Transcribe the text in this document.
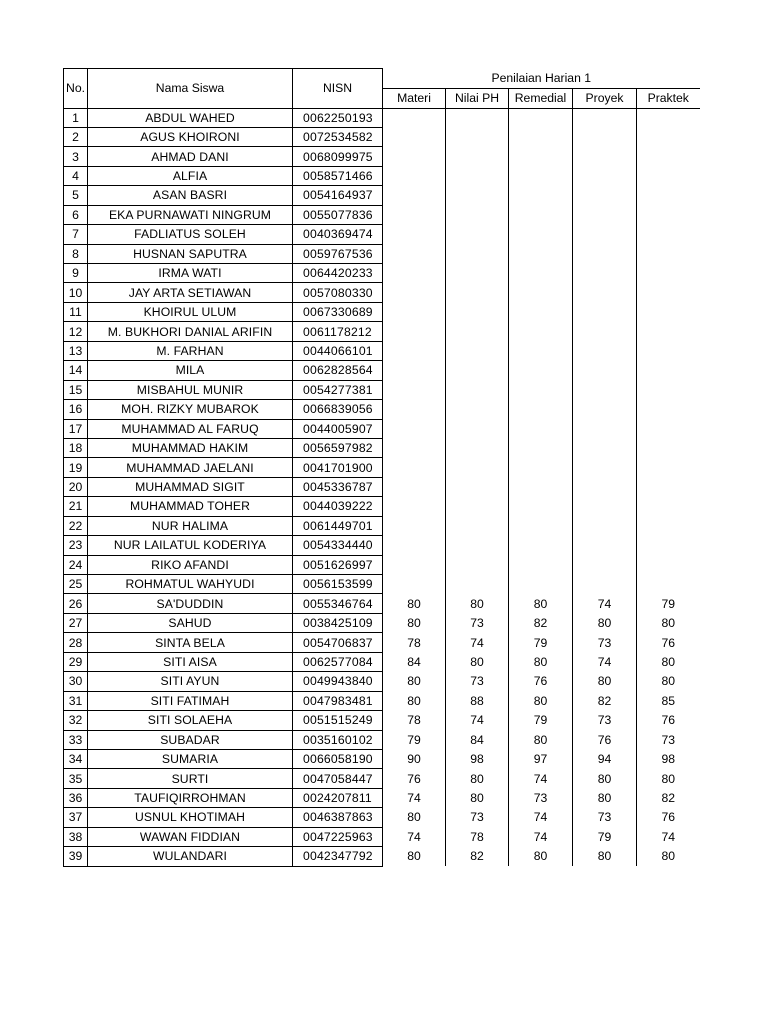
No.	Nama Siswa	NISN	Penilaian Harian 1				
			Materi	Nilai PH	Remedial	Proyek	Praktek
1	ABDUL WAHED	0062250193					
2	AGUS KHOIRONI	0072534582					
3	AHMAD DANI	0068099975					
4	ALFIA	0058571466					
5	ASAN BASRI	0054164937					
6	EKA PURNAWATI NINGRUM	0055077836					
7	FADLIATUS SOLEH	0040369474					
8	HUSNAN SAPUTRA	0059767536					
9	IRMA WATI	0064420233					
10	JAY ARTA SETIAWAN	0057080330					
11	KHOIRUL ULUM	0067330689					
12	M. BUKHORI DANIAL ARIFIN	0061178212					
13	M. FARHAN	0044066101					
14	MILA	0062828564					
15	MISBAHUL MUNIR	0054277381					
16	MOH. RIZKY MUBAROK	0066839056					
17	MUHAMMAD AL FARUQ	0044005907					
18	MUHAMMAD HAKIM	0056597982					
19	MUHAMMAD JAELANI	0041701900					
20	MUHAMMAD SIGIT	0045336787					
21	MUHAMMAD TOHER	0044039222					
22	NUR HALIMA	0061449701					
23	NUR LAILATUL KODERIYA	0054334440					
24	RIKO AFANDI	0051626997					
25	ROHMATUL WAHYUDI	0056153599					
26	SA'DUDDIN	0055346764	80	80	80	74	79
27	SAHUD	0038425109	80	73	82	80	80
28	SINTA BELA	0054706837	78	74	79	73	76
29	SITI AISA	0062577084	84	80	80	74	80
30	SITI AYUN	0049943840	80	73	76	80	80
31	SITI FATIMAH	0047983481	80	88	80	82	85
32	SITI SOLAEHA	0051515249	78	74	79	73	76
33	SUBADAR	0035160102	79	84	80	76	73
34	SUMARIA	0066058190	90	98	97	94	98
35	SURTI	0047058447	76	80	74	80	80
36	TAUFIQIRROHMAN	0024207811	74	80	73	80	82
37	USNUL KHOTIMAH	0046387863	80	73	74	73	76
38	WAWAN FIDDIAN	0047225963	74	78	74	79	74
39	WULANDARI	0042347792	80	82	80	80	80
